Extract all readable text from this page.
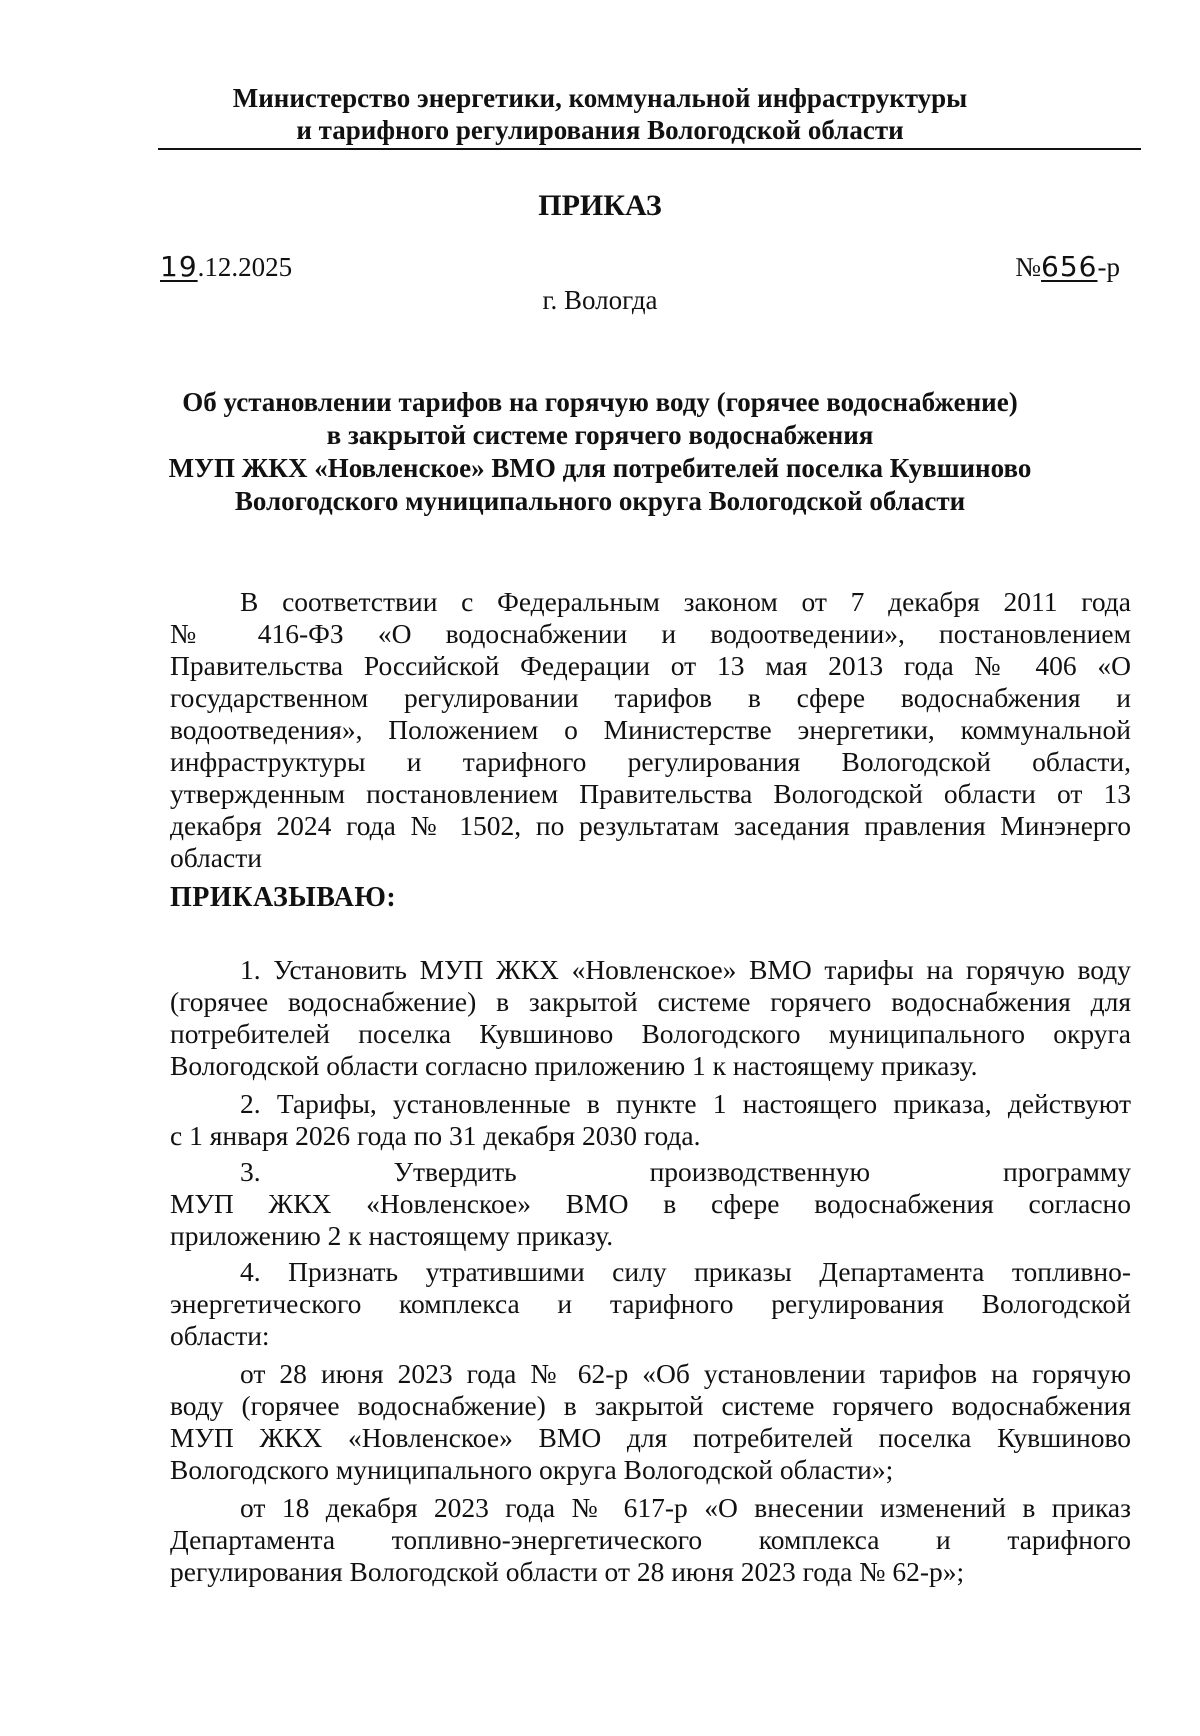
Министерство энергетики, коммунальной инфраструктуры
и тарифного регулирования Вологодской области
ПРИКАЗ
19.12.2025	№656-р
г. Вологда
Об установлении тарифов на горячую воду (горячее водоснабжение)
в закрытой системе горячего водоснабжения
МУП ЖКХ «Новленское» ВМО для потребителей поселка Кувшиново
Вологодского муниципального округа Вологодской области
В соответствии с Федеральным законом от 7 декабря 2011 года
№ 416-ФЗ «О водоснабжении и водоотведении», постановлением
Правительства Российской Федерации от 13 мая 2013 года № 406 «О
государственном регулировании тарифов в сфере водоснабжения и
водоотведения», Положением о Министерстве энергетики, коммунальной
инфраструктуры и тарифного регулирования Вологодской области,
утвержденным постановлением Правительства Вологодской области от 13
декабря 2024 года № 1502, по результатам заседания правления Минэнерго
области
ПРИКАЗЫВАЮ:
1. Установить МУП ЖКХ «Новленское» ВМО тарифы на горячую воду
(горячее водоснабжение) в закрытой системе горячего водоснабжения для
потребителей поселка Кувшиново Вологодского муниципального округа
Вологодской области согласно приложению 1 к настоящему приказу.
2. Тарифы, установленные в пункте 1 настоящего приказа, действуют
с 1 января 2026 года по 31 декабря 2030 года.
3. Утвердить производственную программу
МУП ЖКХ «Новленское» ВМО в сфере водоснабжения согласно
приложению 2 к настоящему приказу.
4. Признать утратившими силу приказы Департамента топливно-
энергетического комплекса и тарифного регулирования Вологодской
области:
от 28 июня 2023 года № 62-р «Об установлении тарифов на горячую
воду (горячее водоснабжение) в закрытой системе горячего водоснабжения
МУП ЖКХ «Новленское» ВМО для потребителей поселка Кувшиново
Вологодского муниципального округа Вологодской области»;
от 18 декабря 2023 года № 617-р «О внесении изменений в приказ
Департамента топливно-энергетического комплекса и тарифного
регулирования Вологодской области от 28 июня 2023 года № 62-р»;
